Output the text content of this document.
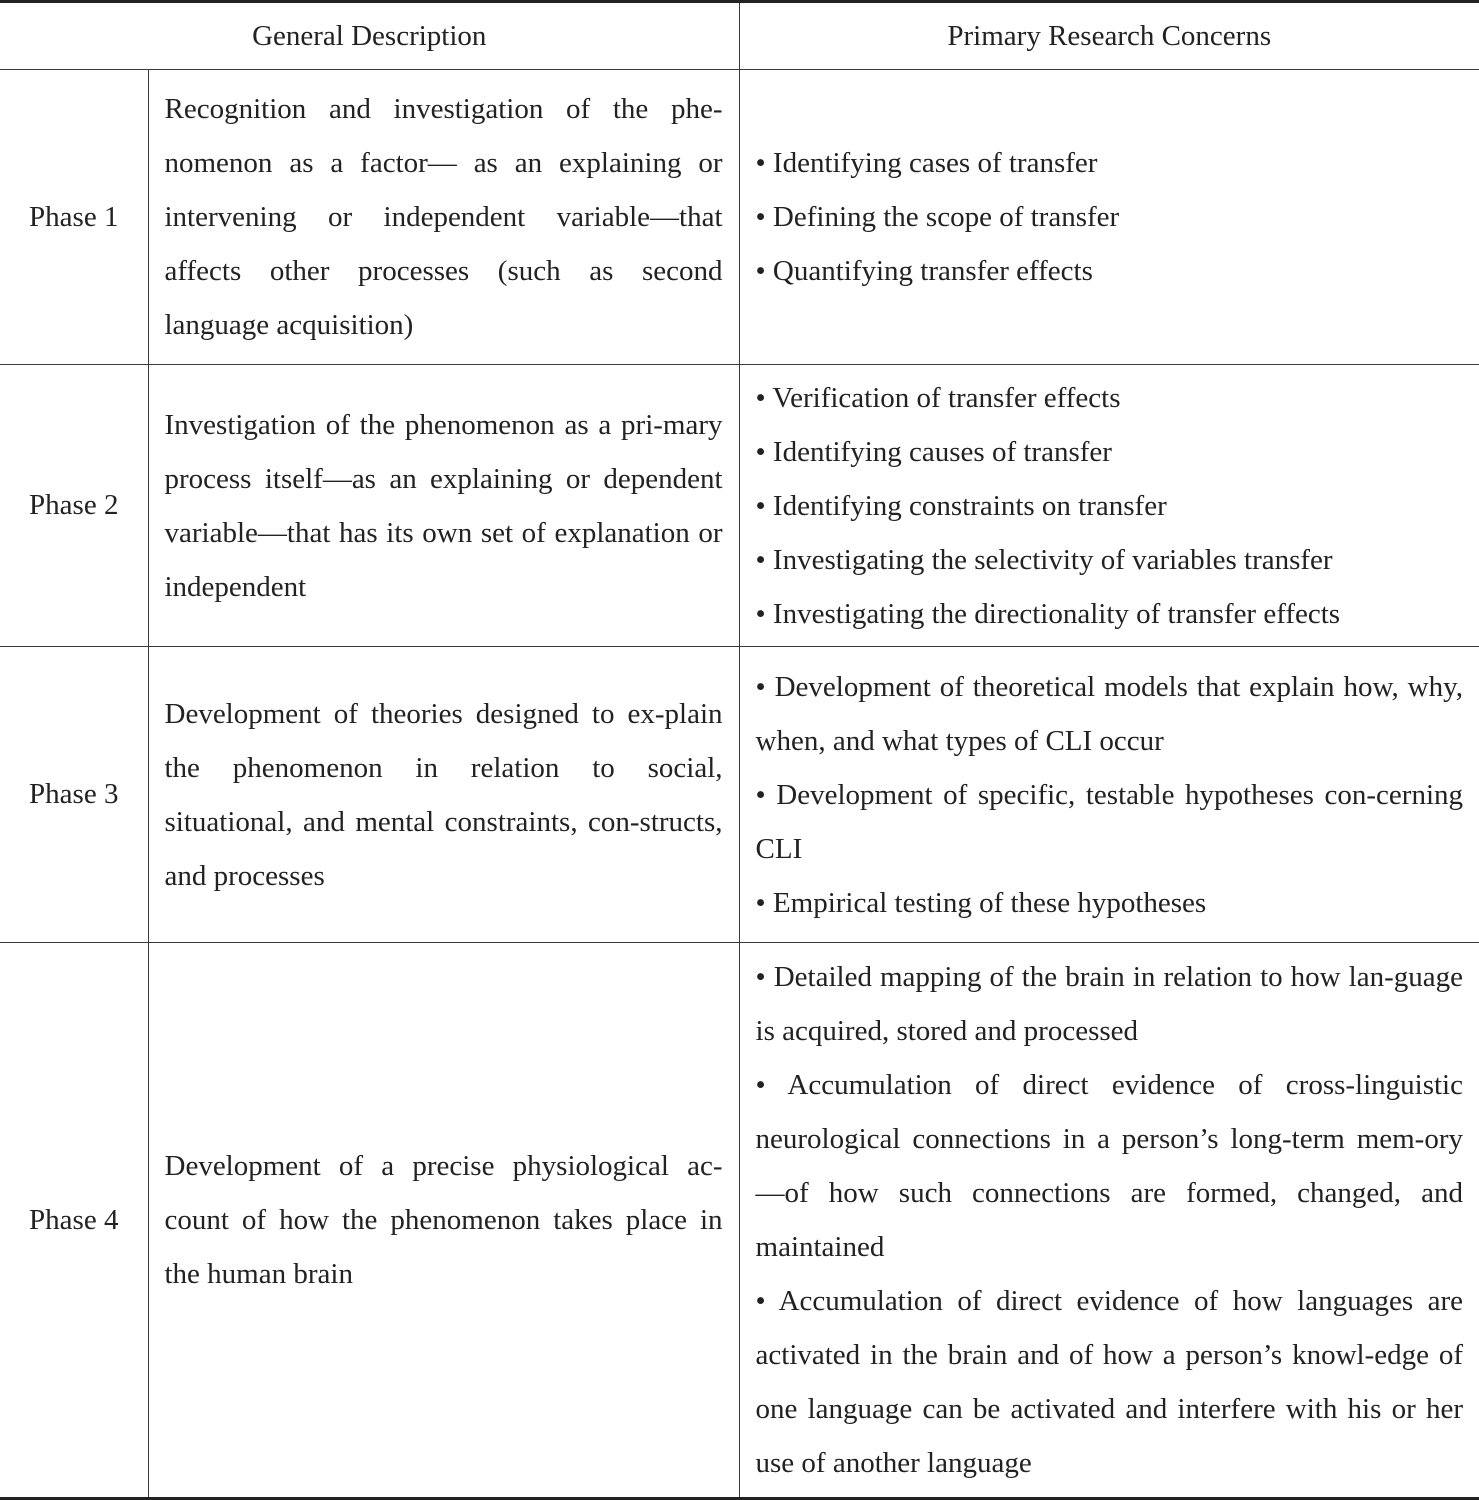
General Description		Primary Research Concerns
Phase 1	Recognition and investigation of the phe-nomenon as a factor— as an explaining or intervening or independent variable—that affects other processes (such as second language acquisition)	• Identifying cases of transfer
• Defining the scope of transfer
• Quantifying transfer effects

Phase 2	Investigation of the phenomenon as a pri-mary process itself—as an explaining or dependent variable—that has its own set of explanation or independent	• Verification of transfer effects
• Identifying causes of transfer
• Identifying constraints on transfer
• Investigating the selectivity of variables transfer
• Investigating the directionality of transfer effects

Phase 3	Development of theories designed to ex-plain the phenomenon in relation to social, situational, and mental constraints, con-structs, and processes	• Development of theoretical models that explain how, why, when, and what types of CLI occur
• Development of specific, testable hypotheses con-cerning CLI
• Empirical testing of these hypotheses

Phase 4	Development of a precise physiological ac-count of how the phenomenon takes place in the human brain	• Detailed mapping of the brain in relation to how lan-guage is acquired, stored and processed
• Accumulation of direct evidence of cross-linguistic neurological connections in a person’s long-term mem-ory—of how such connections are formed, changed, and maintained
• Accumulation of direct evidence of how languages are activated in the brain and of how a person’s knowl-edge of one language can be activated and interfere with his or her use of another language
